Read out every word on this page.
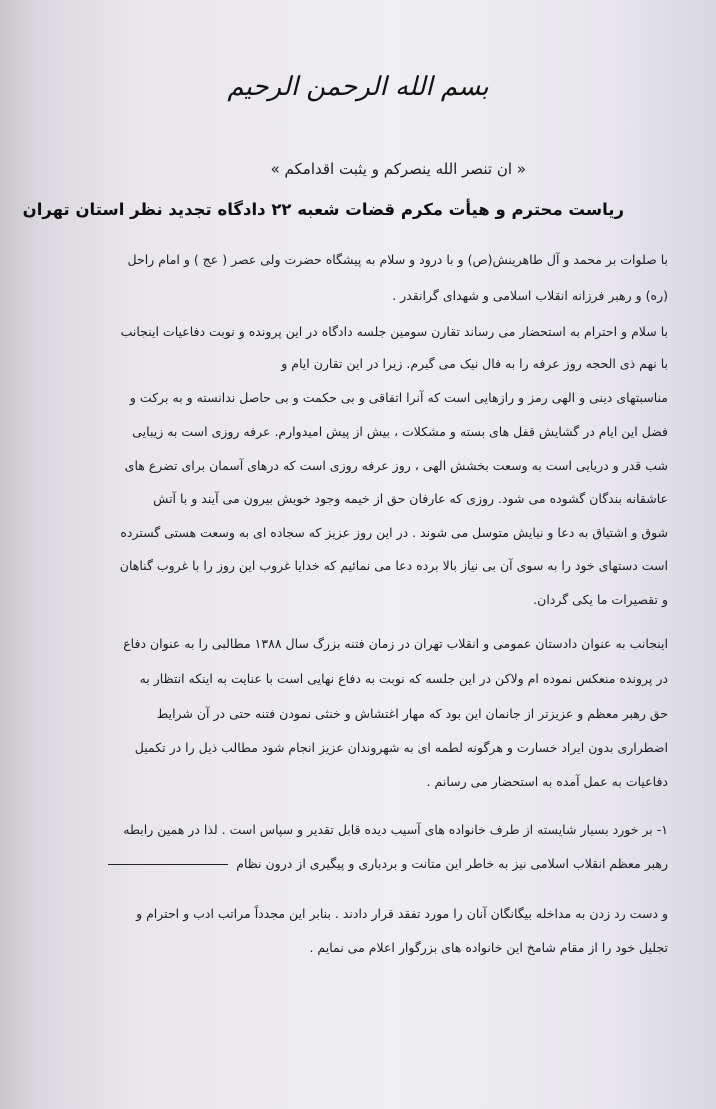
بسم الله الرحمن الرحیم
« ان تنصر الله ینصرکم و یثبت اقدامکم »
ریاست محترم و هیأت مکرم قضات شعبه ۲۲ دادگاه تجدید نظر استان تهران
با صلوات بر محمد و آل طاهرینش(ص) و با درود و سلام به پیشگاه حضرت ولی عصر ( عج ) و امام راحل
(ره) و رهبر فرزانه انقلاب اسلامی و شهدای گرانقدر .
با سلام و احترام به استحضار می رساند تقارن سومین جلسه دادگاه در این پرونده و نوبت دفاعیات اینجانب
با نهم ذی الحجه روز عرفه را به فال نیک می گیرم. زیرا در این تقارن ایام و
مناسبتهای دینی و الهی رمز و رازهایی است که آنرا اتفاقی و بی حکمت و بی حاصل ندانسته و به برکت و
فضل این ایام در گشایش قفل های بسته و مشکلات ، بیش از پیش امیدوارم. عرفه روزی است به زیبایی
شب قدر و دریایی است به وسعت بخشش الهی ، روز عرفه روزی است که درهای آسمان برای تضرع های
عاشقانه بندگان گشوده می شود. روزی که عارفان حق از خیمه وجود خویش بیرون می آیند و با آتش
شوق و اشتیاق به دعا و نیایش متوسل می شوند . در این روز عزیز که سجاده ای به وسعت هستی گسترده
است دستهای خود را به سوی آن بی نیاز بالا برده دعا می نمائیم که خدایا غروب این روز را با غروب گناهان
و تقصیرات ما یکی گردان.
اینجانب به عنوان دادستان عمومی و انقلاب تهران در زمان فتنه بزرگ سال ۱۳۸۸ مطالبی را به عنوان دفاع
در پرونده منعکس نموده ام ولاکن در این جلسه که نوبت به دفاع نهایی است با عنایت به اینکه انتظار به
حق رهبر معظم و عزیزتر از جانمان این بود که مهار اغتشاش و خنثی نمودن فتنه حتی در آن شرایط
اضطراری بدون ایراد خسارت و هرگونه لطمه ای به شهروندان عزیز انجام شود مطالب ذیل را در تکمیل
دفاعیات به عمل آمده به استحضار می رسانم .
۱- بر خورد بسیار شایسته از طرف خانواده های آسیب دیده قابل تقدیر و سپاس است . لذا در همین رابطه
رهبر معظم انقلاب اسلامی نیز به خاطر این متانت و بردباری و پیگیری از درون نظام
و دست رد زدن به مداخله بیگانگان آنان را مورد تفقد قرار دادند . بنابر این مجدداً مراتب ادب و احترام و
تجلیل خود را از مقام شامخ این خانواده های بزرگوار اعلام می نمایم .
